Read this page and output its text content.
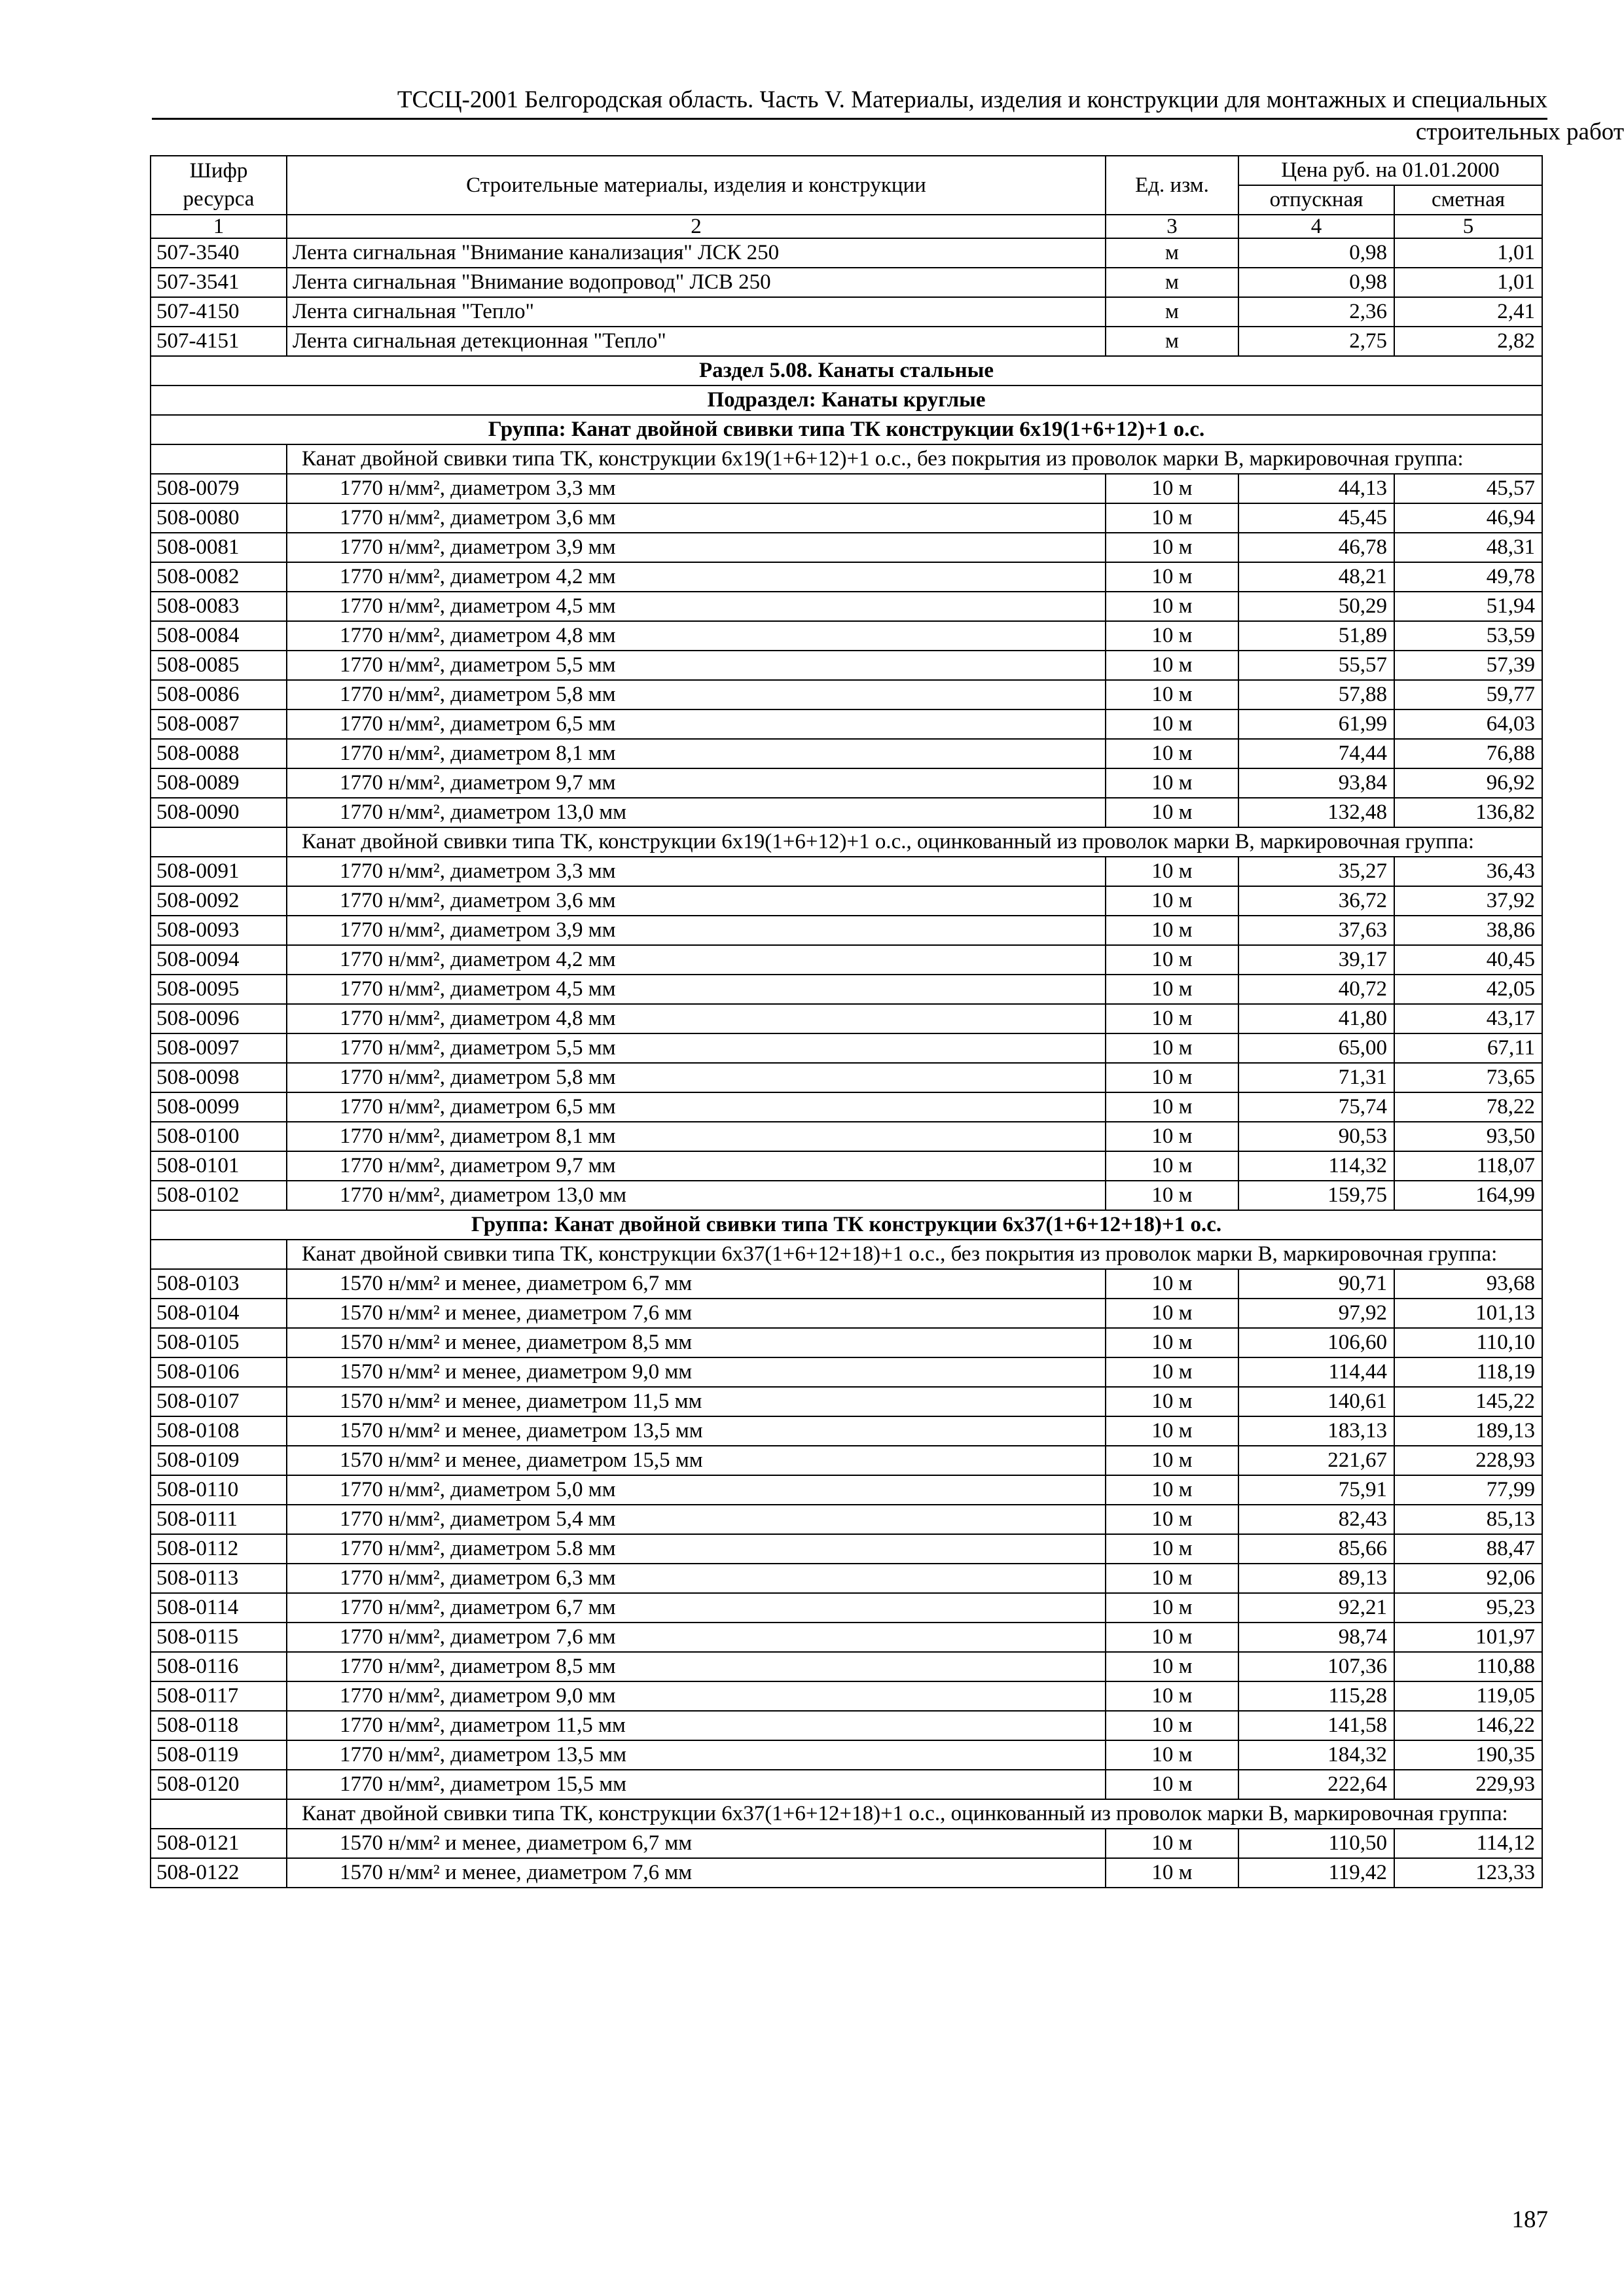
ТССЦ-2001 Белгородская область. Часть V. Материалы, изделия и конструкции для монтажных и специальных
строительных работ
Шифр ресурса	Строительные материалы, изделия и конструкции	Ед. изм.	Цена руб. на 01.01.2000	
			отпускная	сметная
1	2	3	4	5
507-3540	Лента сигнальная "Внимание канализация" ЛСК 250	м	0,98	1,01
507-3541	Лента сигнальная "Внимание водопровод" ЛСВ 250	м	0,98	1,01
507-4150	Лента сигнальная "Тепло"	м	2,36	2,41
507-4151	Лента сигнальная детекционная "Тепло"	м	2,75	2,82
Раздел 5.08. Канаты стальные				
Подраздел: Канаты круглые				
Группа: Канат двойной свивки типа ТК конструкции 6х19(1+6+12)+1 о.с.				
	Канат двойной свивки типа ТК, конструкции 6х19(1+6+12)+1 о.с., без покрытия из проволок марки В, маркировочная группа:			
508-0079	1770 н/мм², диаметром 3,3 мм	10 м	44,13	45,57
508-0080	1770 н/мм², диаметром 3,6 мм	10 м	45,45	46,94
508-0081	1770 н/мм², диаметром 3,9 мм	10 м	46,78	48,31
508-0082	1770 н/мм², диаметром 4,2 мм	10 м	48,21	49,78
508-0083	1770 н/мм², диаметром 4,5 мм	10 м	50,29	51,94
508-0084	1770 н/мм², диаметром 4,8 мм	10 м	51,89	53,59
508-0085	1770 н/мм², диаметром 5,5 мм	10 м	55,57	57,39
508-0086	1770 н/мм², диаметром 5,8 мм	10 м	57,88	59,77
508-0087	1770 н/мм², диаметром 6,5 мм	10 м	61,99	64,03
508-0088	1770 н/мм², диаметром 8,1 мм	10 м	74,44	76,88
508-0089	1770 н/мм², диаметром 9,7 мм	10 м	93,84	96,92
508-0090	1770 н/мм², диаметром 13,0 мм	10 м	132,48	136,82
	Канат двойной свивки типа ТК, конструкции 6х19(1+6+12)+1 о.с., оцинкованный из проволок марки В, маркировочная группа:			
508-0091	1770 н/мм², диаметром 3,3 мм	10 м	35,27	36,43
508-0092	1770 н/мм², диаметром 3,6 мм	10 м	36,72	37,92
508-0093	1770 н/мм², диаметром 3,9 мм	10 м	37,63	38,86
508-0094	1770 н/мм², диаметром 4,2 мм	10 м	39,17	40,45
508-0095	1770 н/мм², диаметром 4,5 мм	10 м	40,72	42,05
508-0096	1770 н/мм², диаметром 4,8 мм	10 м	41,80	43,17
508-0097	1770 н/мм², диаметром 5,5 мм	10 м	65,00	67,11
508-0098	1770 н/мм², диаметром 5,8 мм	10 м	71,31	73,65
508-0099	1770 н/мм², диаметром 6,5 мм	10 м	75,74	78,22
508-0100	1770 н/мм², диаметром 8,1 мм	10 м	90,53	93,50
508-0101	1770 н/мм², диаметром 9,7 мм	10 м	114,32	118,07
508-0102	1770 н/мм², диаметром 13,0 мм	10 м	159,75	164,99
Группа: Канат двойной свивки типа ТК конструкции 6х37(1+6+12+18)+1 о.с.				
	Канат двойной свивки типа ТК, конструкции 6х37(1+6+12+18)+1 о.с., без покрытия из проволок марки В, маркировочная группа:			
508-0103	1570 н/мм² и менее, диаметром 6,7 мм	10 м	90,71	93,68
508-0104	1570 н/мм² и менее, диаметром 7,6 мм	10 м	97,92	101,13
508-0105	1570 н/мм² и менее, диаметром 8,5 мм	10 м	106,60	110,10
508-0106	1570 н/мм² и менее, диаметром 9,0 мм	10 м	114,44	118,19
508-0107	1570 н/мм² и менее, диаметром 11,5 мм	10 м	140,61	145,22
508-0108	1570 н/мм² и менее, диаметром 13,5 мм	10 м	183,13	189,13
508-0109	1570 н/мм² и менее, диаметром 15,5 мм	10 м	221,67	228,93
508-0110	1770 н/мм², диаметром 5,0 мм	10 м	75,91	77,99
508-0111	1770 н/мм², диаметром 5,4 мм	10 м	82,43	85,13
508-0112	1770 н/мм², диаметром 5.8 мм	10 м	85,66	88,47
508-0113	1770 н/мм², диаметром 6,3 мм	10 м	89,13	92,06
508-0114	1770 н/мм², диаметром 6,7 мм	10 м	92,21	95,23
508-0115	1770 н/мм², диаметром 7,6 мм	10 м	98,74	101,97
508-0116	1770 н/мм², диаметром 8,5 мм	10 м	107,36	110,88
508-0117	1770 н/мм², диаметром 9,0 мм	10 м	115,28	119,05
508-0118	1770 н/мм², диаметром 11,5 мм	10 м	141,58	146,22
508-0119	1770 н/мм², диаметром 13,5 мм	10 м	184,32	190,35
508-0120	1770 н/мм², диаметром 15,5 мм	10 м	222,64	229,93
	Канат двойной свивки типа ТК, конструкции 6х37(1+6+12+18)+1 о.с., оцинкованный из проволок марки В, маркировочная группа:			
508-0121	1570 н/мм² и менее, диаметром 6,7 мм	10 м	110,50	114,12
508-0122	1570 н/мм² и менее, диаметром 7,6 мм	10 м	119,42	123,33
187
